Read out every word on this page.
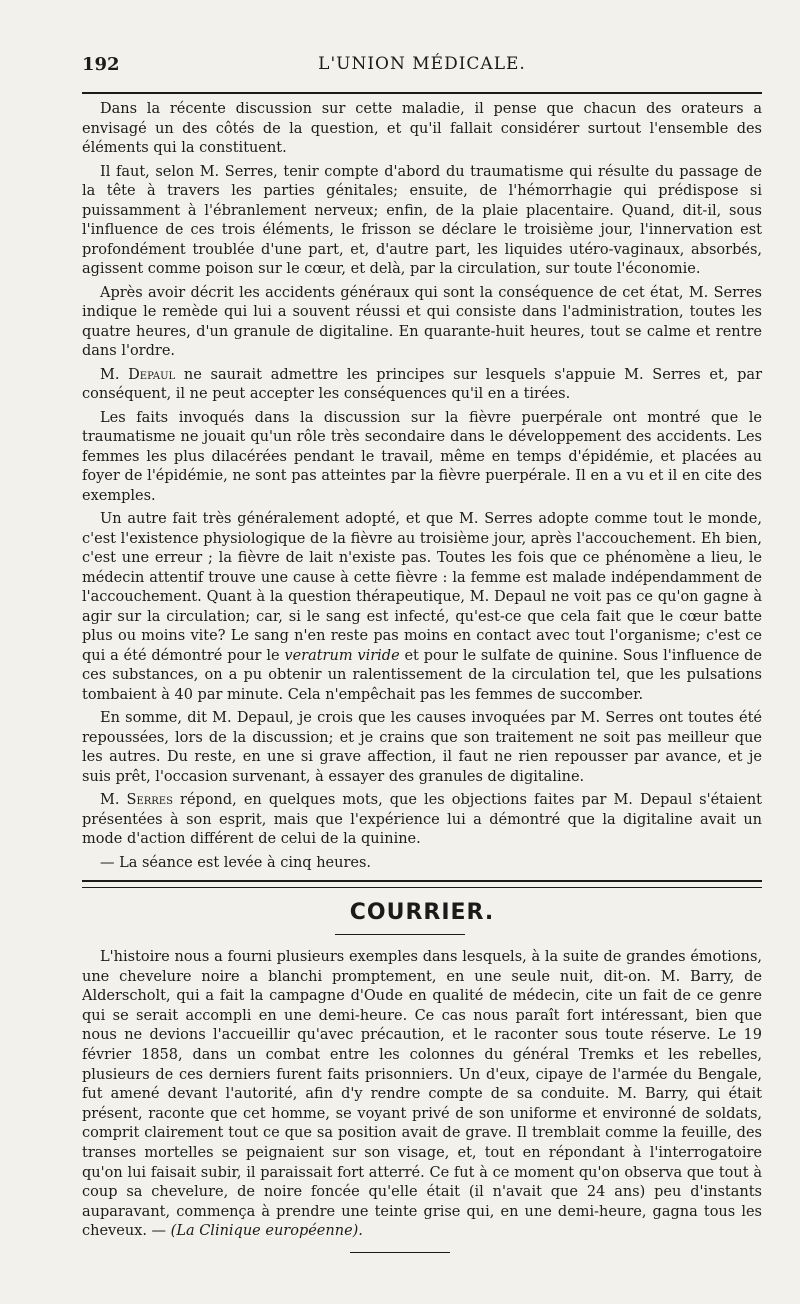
192	L'UNION MÉDICALE.

Dans la récente discussion sur cette maladie, il pense que chacun des orateurs a envisagé un des côtés de la question, et qu'il fallait considérer surtout l'ensemble des éléments qui la constituent.

Il faut, selon M. Serres, tenir compte d'abord du traumatisme qui résulte du passage de la tête à travers les parties génitales; ensuite, de l'hémorrhagie qui prédispose si puissamment à l'ébranlement nerveux; enfin, de la plaie placentaire. Quand, dit-il, sous l'influence de ces trois éléments, le frisson se déclare le troisième jour, l'innervation est profondément troublée d'une part, et, d'autre part, les liquides utéro-vaginaux, absorbés, agissent comme poison sur le cœur, et delà, par la circulation, sur toute l'économie.

Après avoir décrit les accidents généraux qui sont la conséquence de cet état, M. Serres indique le remède qui lui a souvent réussi et qui consiste dans l'administration, toutes les quatre heures, d'un granule de digitaline. En quarante-huit heures, tout se calme et rentre dans l'ordre.

M. Depaul ne saurait admettre les principes sur lesquels s'appuie M. Serres et, par conséquent, il ne peut accepter les conséquences qu'il en a tirées.

Les faits invoqués dans la discussion sur la fièvre puerpérale ont montré que le traumatisme ne jouait qu'un rôle très secondaire dans le développement des accidents. Les femmes les plus dilacérées pendant le travail, même en temps d'épidémie, et placées au foyer de l'épidémie, ne sont pas atteintes par la fièvre puerpérale. Il en a vu et il en cite des exemples.

Un autre fait très généralement adopté, et que M. Serres adopte comme tout le monde, c'est l'existence physiologique de la fièvre au troisième jour, après l'accouchement. Eh bien, c'est une erreur ; la fièvre de lait n'existe pas. Toutes les fois que ce phénomène a lieu, le médecin attentif trouve une cause à cette fièvre : la femme est malade indépendamment de l'accouchement. Quant à la question thérapeutique, M. Depaul ne voit pas ce qu'on gagne à agir sur la circulation; car, si le sang est infecté, qu'est-ce que cela fait que le cœur batte plus ou moins vite? Le sang n'en reste pas moins en contact avec tout l'organisme; c'est ce qui a été démontré pour le veratrum viride et pour le sulfate de quinine. Sous l'influence de ces substances, on a pu obtenir un ralentissement de la circulation tel, que les pulsations tombaient à 40 par minute. Cela n'empêchait pas les femmes de succomber.

En somme, dit M. Depaul, je crois que les causes invoquées par M. Serres ont toutes été repoussées, lors de la discussion; et je crains que son traitement ne soit pas meilleur que les autres. Du reste, en une si grave affection, il faut ne rien repousser par avance, et je suis prêt, l'occasion survenant, à essayer des granules de digitaline.

M. Serres répond, en quelques mots, que les objections faites par M. Depaul s'étaient présentées à son esprit, mais que l'expérience lui a démontré que la digitaline avait un mode d'action différent de celui de la quinine.

— La séance est levée à cinq heures.

COURRIER.

L'histoire nous a fourni plusieurs exemples dans lesquels, à la suite de grandes émotions, une chevelure noire a blanchi promptement, en une seule nuit, dit-on. M. Barry, de Alderscholt, qui a fait la campagne d'Oude en qualité de médecin, cite un fait de ce genre qui se serait accompli en une demi-heure. Ce cas nous paraît fort intéressant, bien que nous ne devions l'accueillir qu'avec précaution, et le raconter sous toute réserve. Le 19 février 1858, dans un combat entre les colonnes du général Tremks et les rebelles, plusieurs de ces derniers furent faits prisonniers. Un d'eux, cipaye de l'armée du Bengale, fut amené devant l'autorité, afin d'y rendre compte de sa conduite. M. Barry, qui était présent, raconte que cet homme, se voyant privé de son uniforme et environné de soldats, comprit clairement tout ce que sa position avait de grave. Il tremblait comme la feuille, des transes mortelles se peignaient sur son visage, et, tout en répondant à l'interrogatoire qu'on lui faisait subir, il paraissait fort atterré. Ce fut à ce moment qu'on observa que tout à coup sa chevelure, de noire foncée qu'elle était (il n'avait que 24 ans) peu d'instants auparavant, commença à prendre une teinte grise qui, en une demi-heure, gagna tous les cheveux. — (La Clinique européenne).
